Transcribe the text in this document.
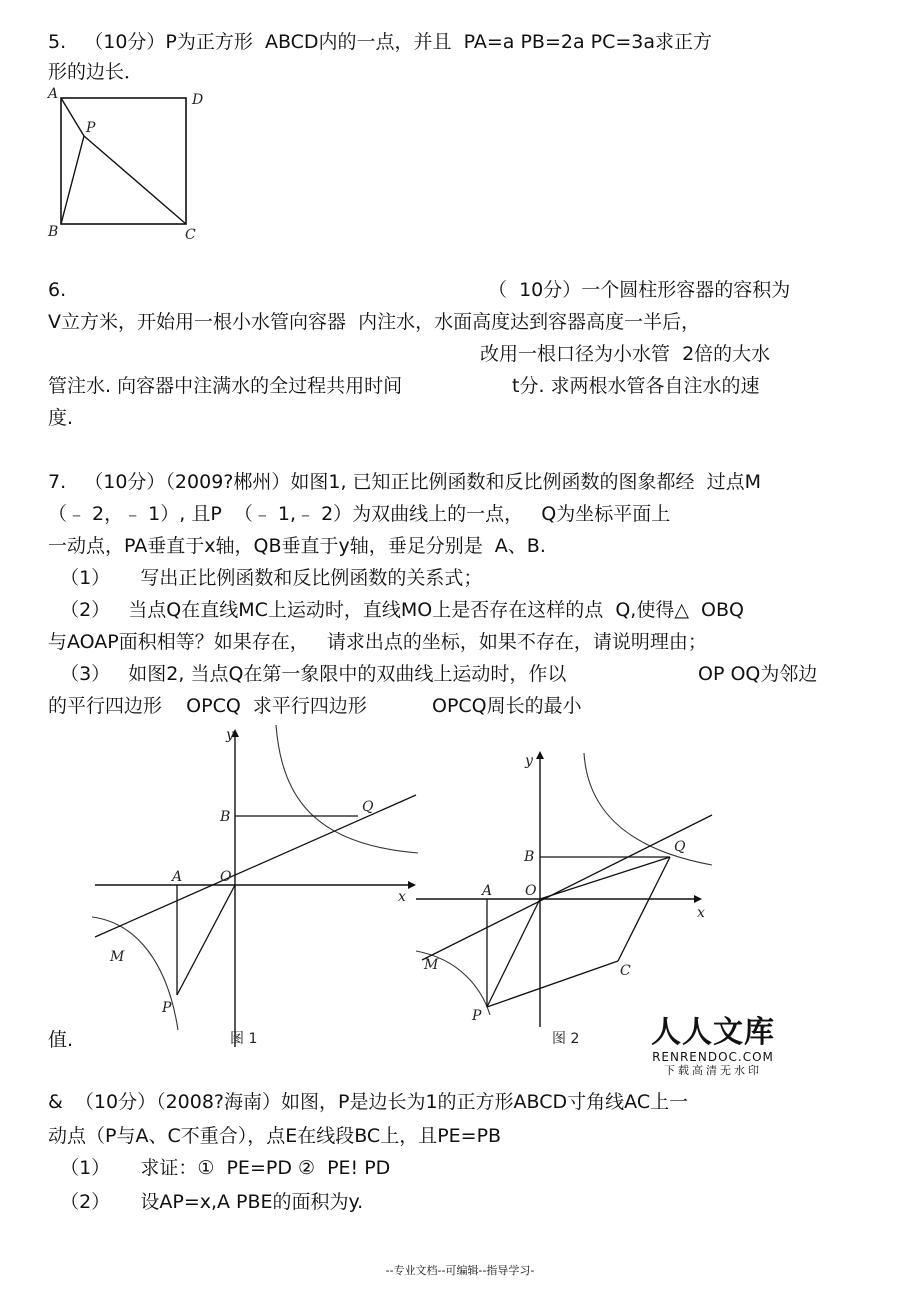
5.   （10分）P为正方形  ABCD内的一点，并且  PA=a PB=2a PC=3a求正方
形的边长．
A	D
P
B	C
6.	（  10分）一个圆柱形容器的容积为
V立方米，开始用一根小水管向容器  内注水，水面高度达到容器高度一半后，
改用一根口径为小水管  2倍的大水
管注水. 向容器中注满水的全过程共用时间	t分. 求两根水管各自注水的速
度.
7.   （10分）（2009?郴州）如图1, 已知正比例函数和反比例函数的图象都经  过点M
（﹣ 2，﹣ 1）, 且P  （﹣ 1,﹣ 2）为双曲线上的一点，   Q为坐标平面上
一动点，PA垂直于x轴，QB垂直于y轴，垂足分别是  A、B.
（1）     写出正比例函数和反比例函数的关系式；
（2）   当点Q在直线MC上运动时，直线MO上是否存在这样的点  Q,使得△  OBQ
与AOAP面积相等？如果存在，   请求出点的坐标，如果不存在，请说明理由；
（3）   如图2, 当点Q在第一象限中的双曲线上运动时，作以	OP OQ为邻边
的平行四边形    OPCQ  求平行四边形	OPCQ周长的最小
y
x
O
A
B
Q
M
P
图 1
y
x
O
A
B
Q
C
M
P
图 2
值.	人人文库
RENRENDOC.COM
下载高清无水印
&  （10分）（2008?海南）如图，P是边长为1的正方形ABCD寸角线AC上一
动点（P与A、C不重合），点E在线段BC上，且PE=PB
（1）     求证：①  PE=PD ②  PE! PD
（2）     设AP=x,A PBE的面积为y.
--专业文档--可编辑--指导学习-
